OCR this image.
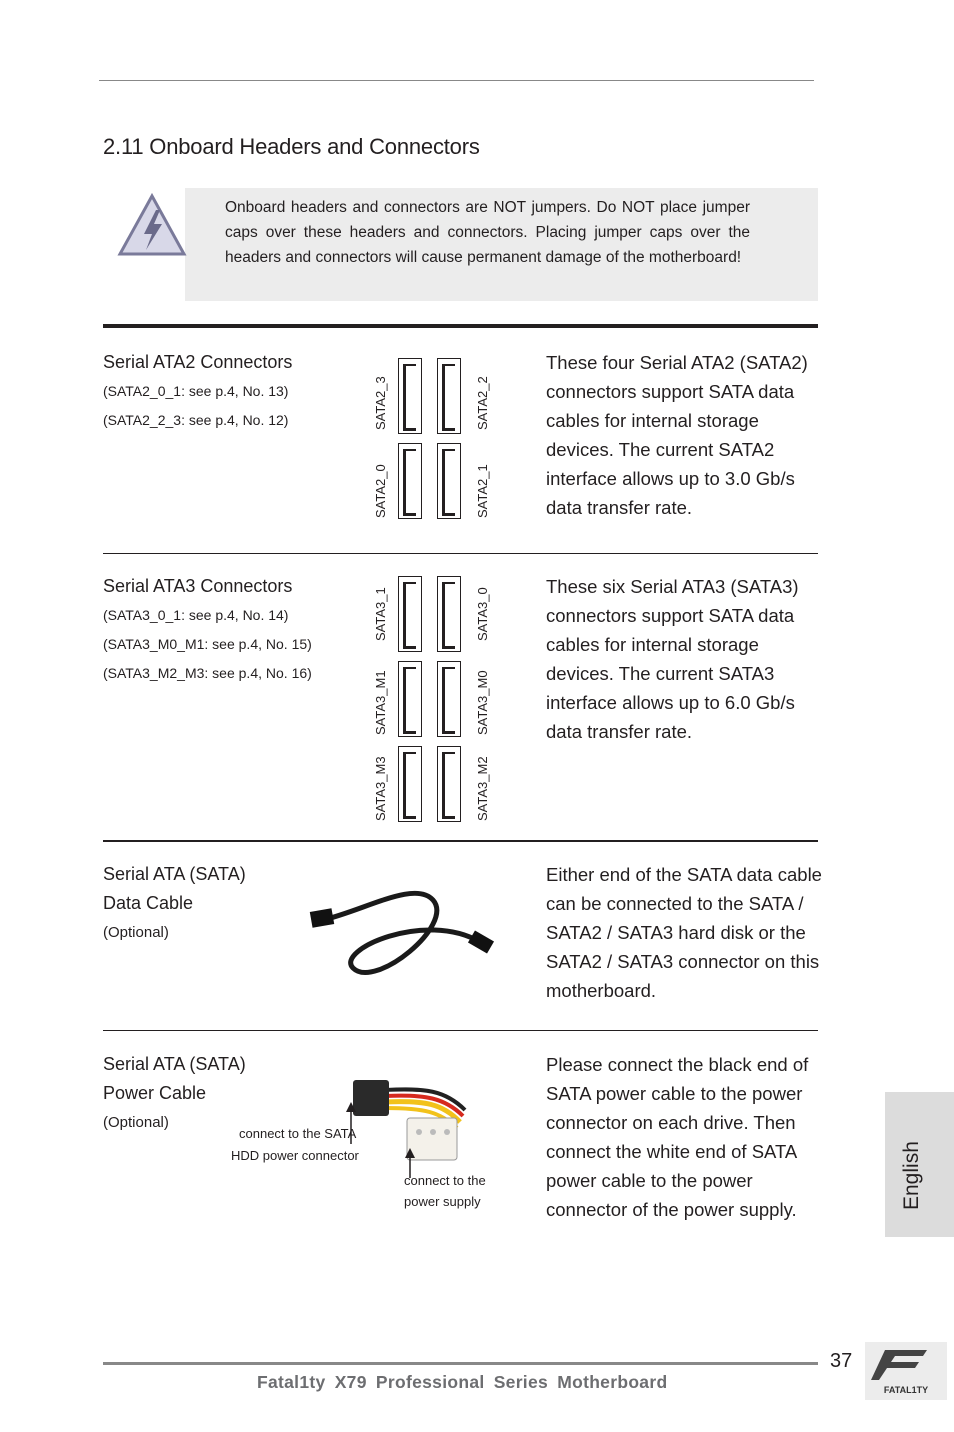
2.11 Onboard Headers and Connectors
Onboard headers and connectors are NOT jumpers. Do NOT place jumper caps over these headers and connectors. Placing jumper caps over the headers and connectors will cause permanent damage of the motherboard!
Serial ATA2 Connectors
(SATA2_0_1: see p.4, No. 13)
(SATA2_2_3: see p.4, No. 12)	SATA2_3	SATA2_2
SATA2_0	SATA2_1
These four Serial ATA2 (SATA2) connectors support SATA data cables for internal storage devices. The current SATA2 interface allows up to 3.0 Gb/s data transfer rate.
Serial ATA3 Connectors
(SATA3_0_1: see p.4, No. 14)
(SATA3_M0_M1: see p.4, No. 15)
(SATA3_M2_M3: see p.4, No. 16)
SATA3_1	SATA3_0
SATA3_M1	SATA3_M0
SATA3_M3	SATA3_M2
These six Serial ATA3 (SATA3) connectors support SATA data cables for internal storage devices. The current SATA3 interface allows up to 6.0 Gb/s data transfer rate.
Serial ATA (SATA)
Data Cable
(Optional)
Either end of the SATA data cable can be connected to the SATA / SATA2 / SATA3 hard disk or the SATA2 / SATA3 connector on this motherboard.
Serial ATA (SATA)
Power Cable
(Optional)
connect to the SATA
HDD power connector
connect to the
power supply
Please connect the black end of SATA power cable to the power connector on each drive. Then connect the white end of SATA power cable to the power connector of the power supply.	English
37
Fatal1ty X79 Professional Series Motherboard	FATAL1TY
